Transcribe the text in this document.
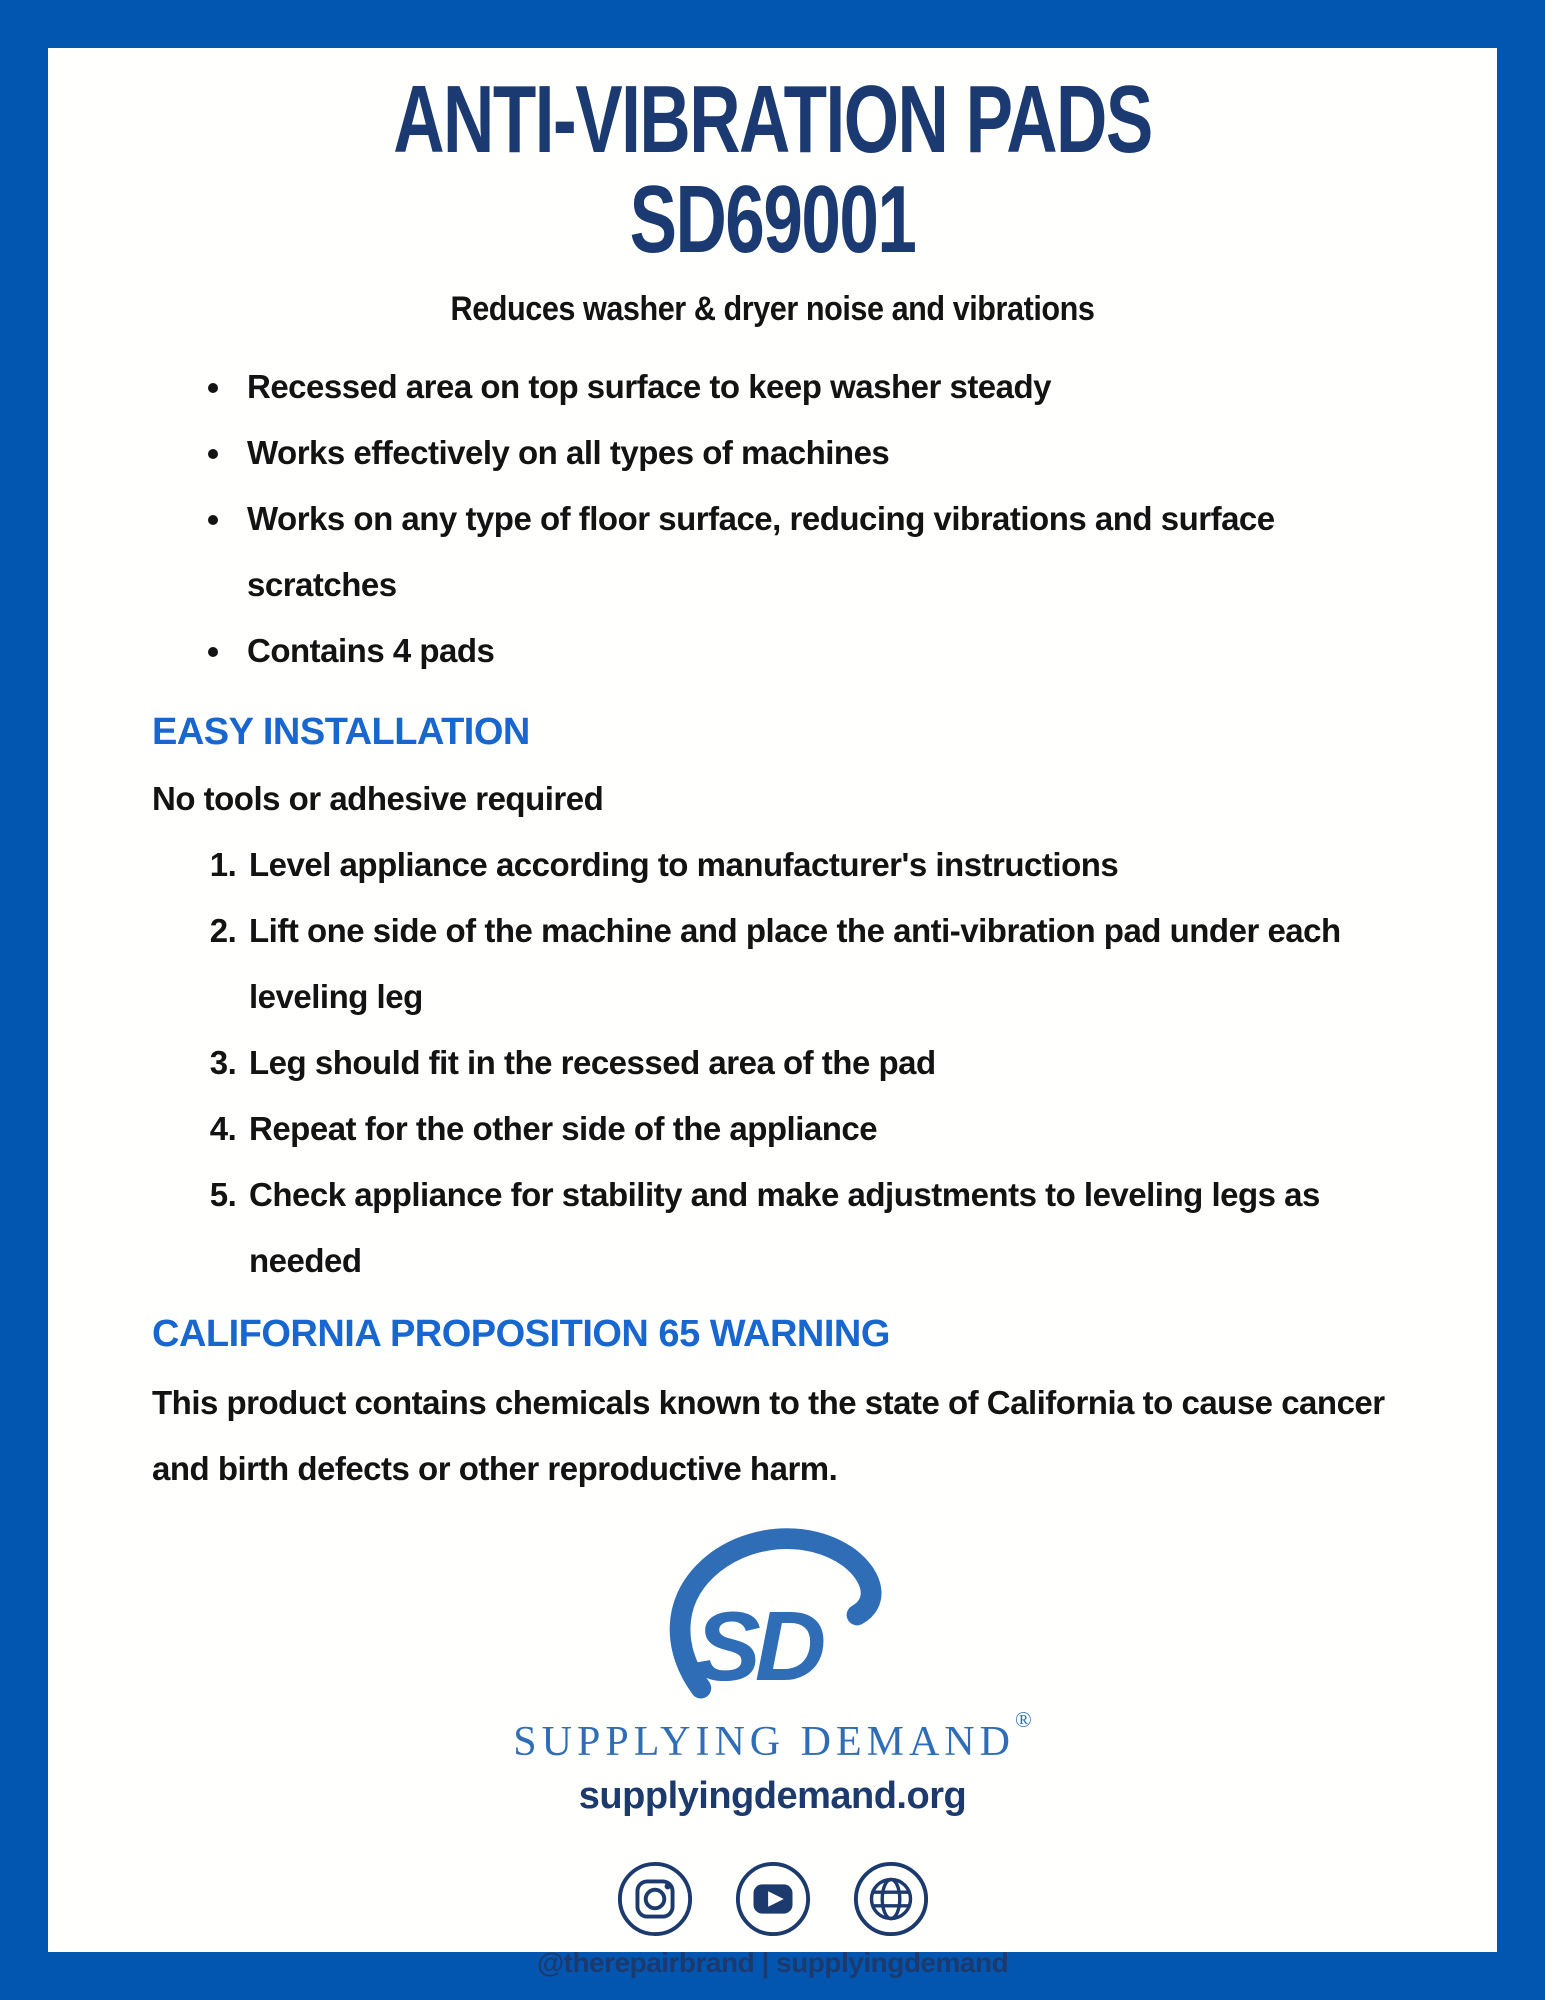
ANTI-VIBRATION PADS
SD69001
Reduces washer & dryer noise and vibrations
• Recessed area on top surface to keep washer steady
• Works effectively on all types of machines
• Works on any type of floor surface, reducing vibrations and surface scratches
• Contains 4 pads
EASY INSTALLATION
No tools or adhesive required
1. Level appliance according to manufacturer's instructions
2. Lift one side of the machine and place the anti-vibration pad under each leveling leg
3. Leg should fit in the recessed area of the pad
4. Repeat for the other side of the appliance
5. Check appliance for stability and make adjustments to leveling legs as needed
CALIFORNIA PROPOSITION 65 WARNING
This product contains chemicals known to the state of California to cause cancer and birth defects or other reproductive harm.
SD
SUPPLYING DEMAND®
supplyingdemand.org
@therepairbrand | supplyingdemand
